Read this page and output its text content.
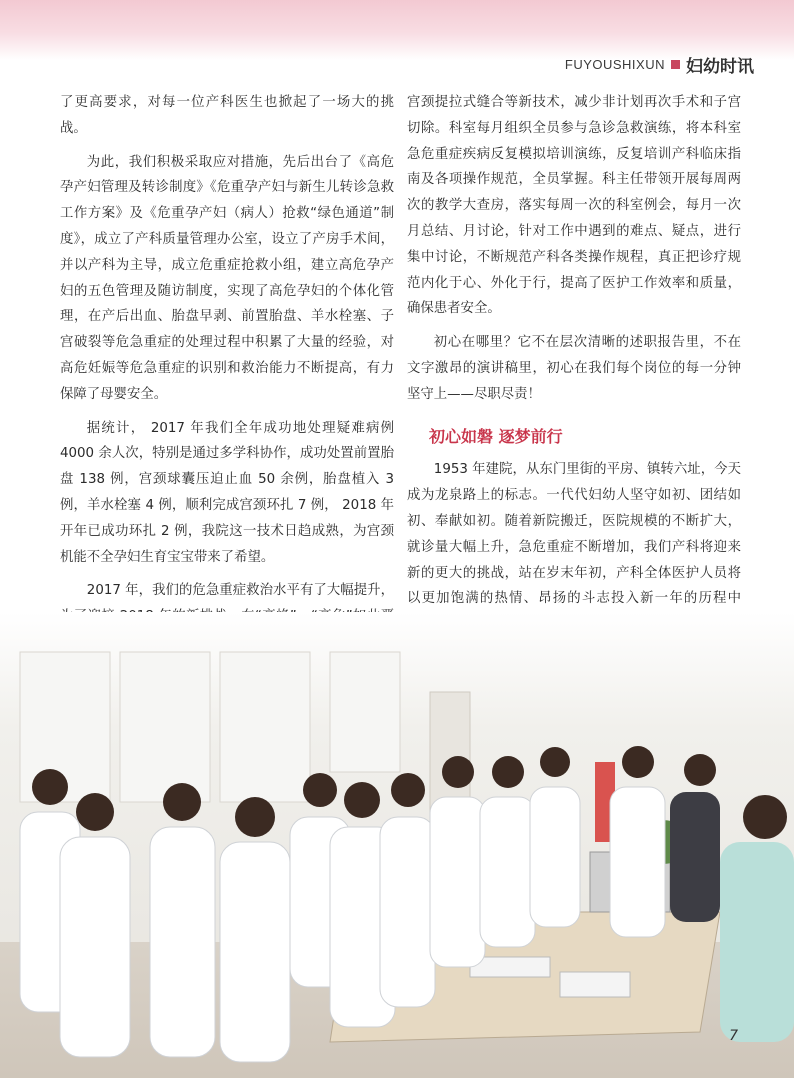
FUYOUSHIXUN 妇幼时讯

了更高要求，对每一位产科医生也掀起了一场大的挑战。

为此，我们积极采取应对措施，先后出台了《高危孕产妇管理及转诊制度》《危重孕产妇与新生儿转诊急救工作方案》及《危重孕产妇（病人）抢救“绿色通道”制度》，成立了产科质量管理办公室，设立了产房手术间，并以产科为主导，成立危重症抢救小组，建立高危孕产妇的五色管理及随访制度，实现了高危孕妇的个体化管理，在产后出血、胎盘早剥、前置胎盘、羊水栓塞、子宫破裂等危急重症的处理过程中积累了大量的经验，对高危妊娠等危急重症的识别和救治能力不断提高，有力保障了母婴安全。

据统计， 2017 年我们全年成功地处理疑难病例4000 余人次，特别是通过多学科协作，成功处置前置胎盘 138 例，宫颈球囊压迫止血 50 余例，胎盘植入 3 例，羊水栓塞 4 例，顺利完成宫颈环扎 7 例， 2018 年开年已成功环扎 2 例，我院这一技术日趋成熟，为宫颈机能不全孕妇生育宝宝带来了希望。

2017 年，我们的危急重症救治水平有了大幅提升，

宫颈提拉式缝合等新技术，减少非计划再次手术和子宫切除。科室每月组织全员参与急诊急救演练，将本科室急危重症疾病反复模拟培训演练，反复培训产科临床指南及各项操作规范，全员掌握。科主任带领开展每周两次的教学大查房，落实每周一次的科室例会，每月一次月总结、月讨论，针对工作中遇到的难点、疑点，进行集中讨论，不断规范产科各类操作规程，真正把诊疗规范内化于心、外化于行，提高了医护工作效率和质量，确保患者安全。

初心在哪里？它不在层次清晰的述职报告里，不在文字激昂的演讲稿里，初心在我们每个岗位的每一分钟坚守上——尽职尽责！

初心如磐 逐梦前行

1953 年建院，从东门里街的平房、镇转六址，今天成为龙泉路上的标志。一代代妇幼人坚守如初、团结如初、奉献如初。随着新院搬迁，医院规模的不断扩大，就诊量大幅上升，急危重症不断增加，我们产科将迎来新的更大的挑战，站在岁末年初，产科全体医护人员将以更加饱满的热情、昂扬的斗志投入新一年的历程中

7
